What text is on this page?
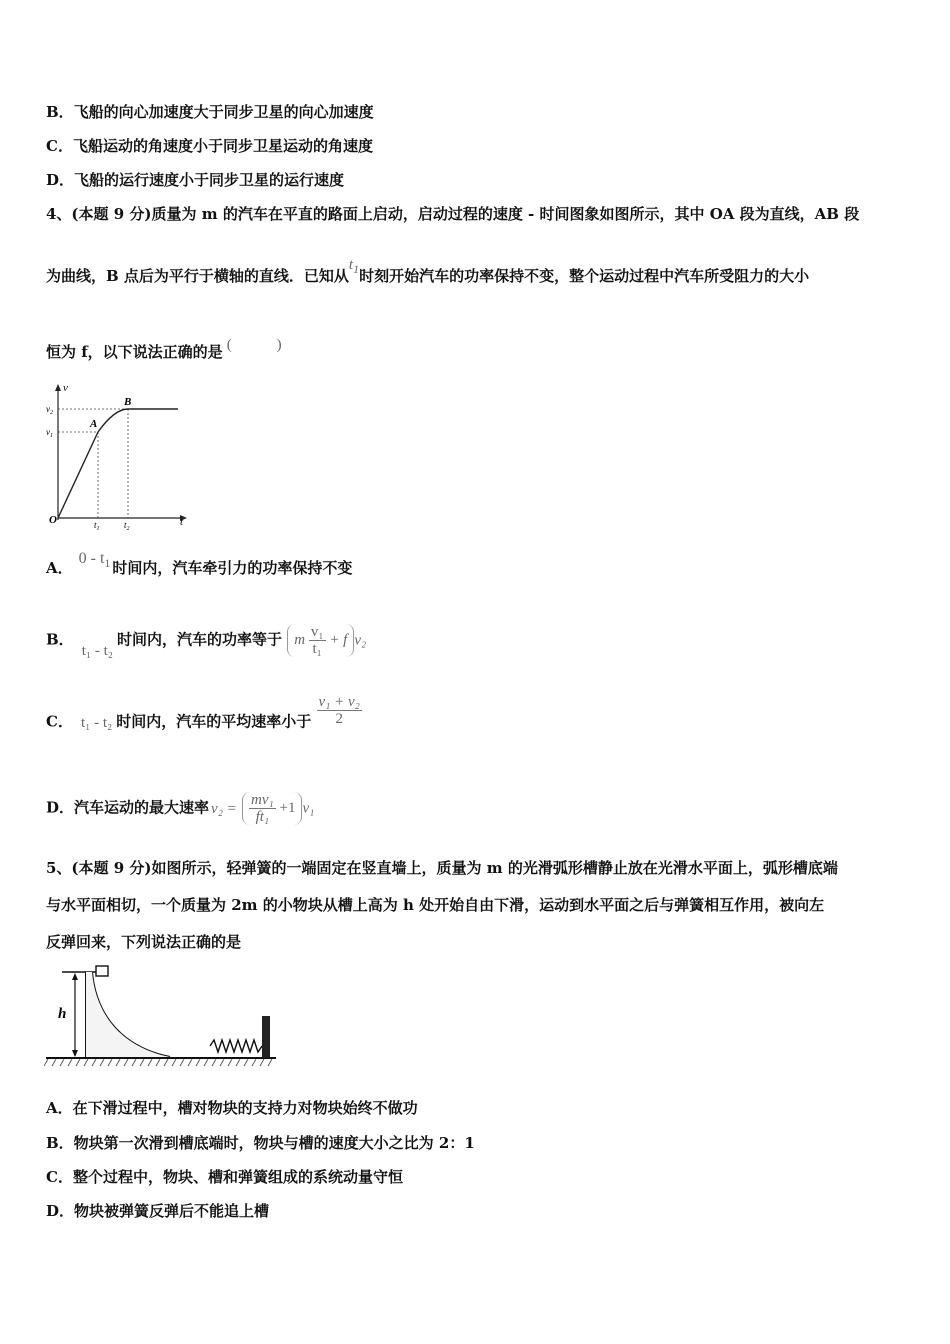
B．飞船的向心加速度大于同步卫星的向心加速度
C．飞船运动的角速度小于同步卫星运动的角速度
D．飞船的运行速度小于同步卫星的运行速度
4、(本题 9 分)质量为 m 的汽车在平直的路面上启动，启动过程的速度 - 时间图象如图所示，其中 OA 段为直线，AB 段
为曲线，B 点后为平行于横轴的直线．已知从$t_1$时刻开始汽车的功率保持不变，整个运动过程中汽车所受阻力的大小
恒为 f，以下说法正确的是 (　　　)
v
t
O
$v_2$
$v_1$
$t_1$	$t_2$
A
B
A．$0 - t_1$ 时间内，汽车牵引力的功率保持不变
B．t₁ - t₂时间内，汽车的功率等于 m $\frac{\text{v₁}}{\text{t₁}} + f$ v₂
C． t₁ - t₂ 时间内，汽车的平均速率小于 $\frac{\text{v₁ + v₂}}{2}$
D．汽车运动的最大速率 $v_2 = \frac{\text{mv₁}}{\text{ft₁}} +1$ v₁
5、(本题 9 分)如图所示，轻弹簧的一端固定在竖直墙上，质量为 m 的光滑弧形槽静止放在光滑水平面上，弧形槽底端
与水平面相切，一个质量为 2m 的小物块从槽上高为 h 处开始自由下滑，运动到水平面之后与弹簧相互作用，被向左
反弹回来，下列说法正确的是
h
A．在下滑过程中，槽对物块的支持力对物块始终不做功
B．物块第一次滑到槽底端时，物块与槽的速度大小之比为 2：1
C．整个过程中，物块、槽和弹簧组成的系统动量守恒
D．物块被弹簧反弹后不能追上槽
